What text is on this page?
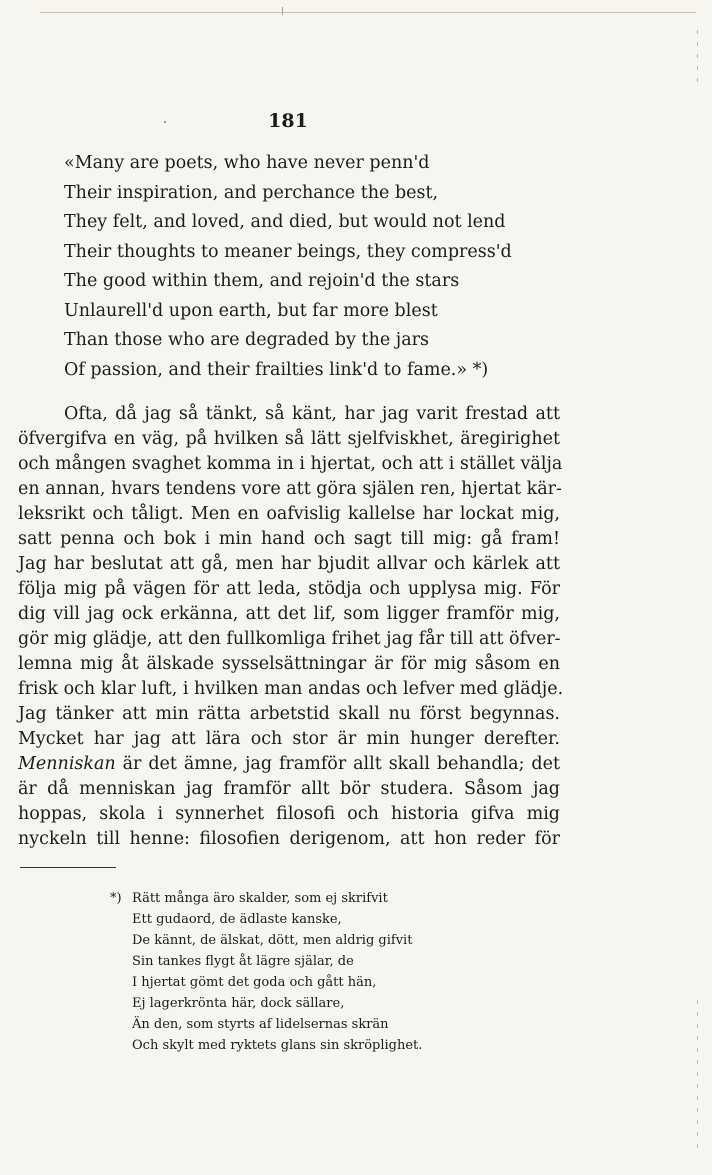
181
«Many are poets, who have never penn'd
Their inspiration, and perchance the best,
They felt, and loved, and died, but would not lend
Their thoughts to meaner beings, they compress'd
The good within them, and rejoin'd the stars
Unlaurell'd upon earth, but far more blest
Than those who are degraded by the jars
Of passion, and their frailties link'd to fame.» *)
Ofta, då jag så tänkt, så känt, har jag varit frestad att
öfvergifva en väg, på hvilken så lätt sjelfviskhet, äregirighet
och mången svaghet komma in i hjertat, och att i stället välja
en annan, hvars tendens vore att göra själen ren, hjertat kär-
leksrikt och tåligt. Men en oafvislig kallelse har lockat mig,
satt penna och bok i min hand och sagt till mig: gå fram!
Jag har beslutat att gå, men har bjudit allvar och kärlek att
följa mig på vägen för att leda, stödja och upplysa mig. För
dig vill jag ock erkänna, att det lif, som ligger framför mig,
gör mig glädje, att den fullkomliga frihet jag får till att öfver-
lemna mig åt älskade sysselsättningar är för mig såsom en
frisk och klar luft, i hvilken man andas och lefver med glädje.
Jag tänker att min rätta arbetstid skall nu först begynnas.
Mycket har jag att lära och stor är min hunger derefter.
Menniskan är det ämne, jag framför allt skall behandla; det
är då menniskan jag framför allt bör studera. Såsom jag
hoppas, skola i synnerhet filosofi och historia gifva mig
nyckeln till henne: filosofien derigenom, att hon reder för
*) Rätt många äro skalder, som ej skrifvit
Ett gudaord, de ädlaste kanske,
De kännt, de älskat, dött, men aldrig gifvit
Sin tankes flygt åt lägre själar, de
I hjertat gömt det goda och gått hän,
Ej lagerkrönta här, dock sällare,
Än den, som styrts af lidelsernas skrän
Och skylt med ryktets glans sin skröplighet.
